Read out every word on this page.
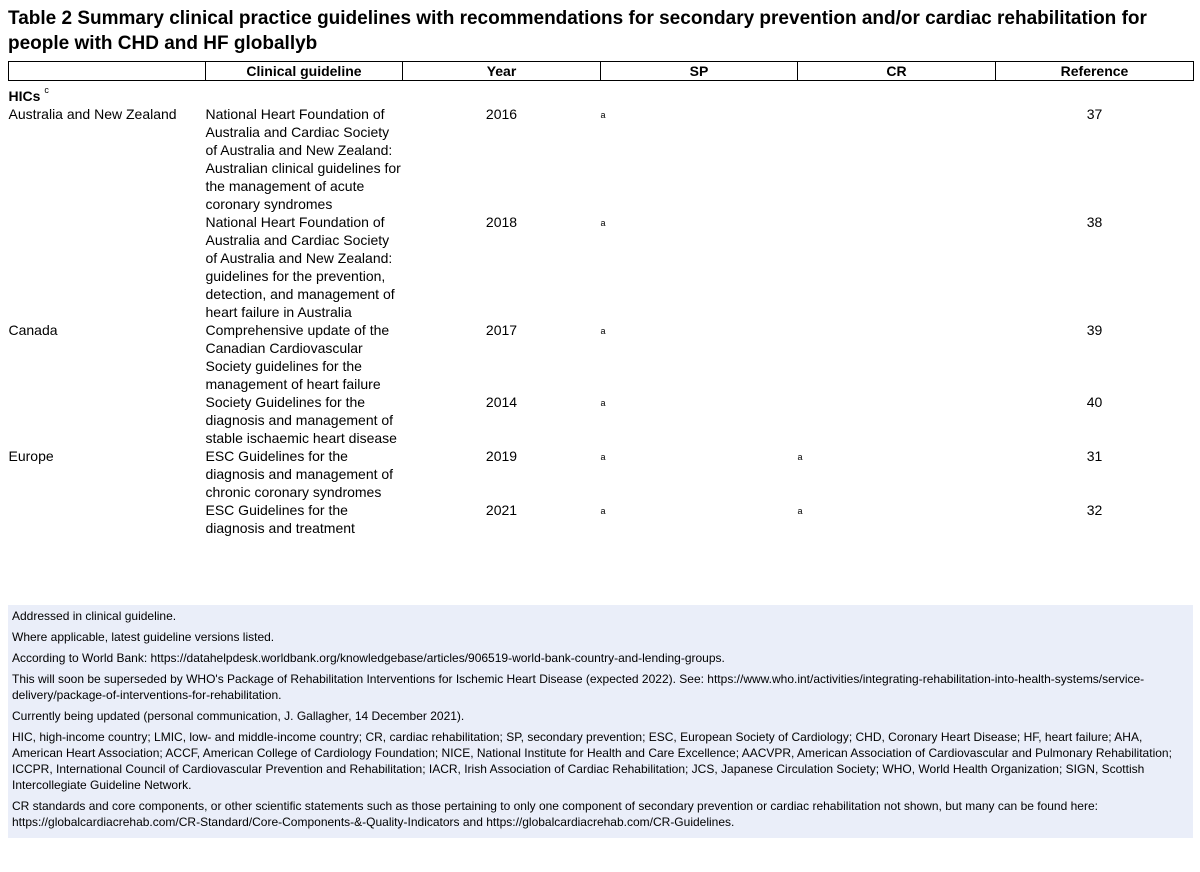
Table 2 Summary clinical practice guidelines with recommendations for secondary prevention and/or cardiac rehabilitation for people with CHD and HF globallyb
	Clinical guideline	Year	SP	CR	Reference
HICs $^c$
Australia and New Zealand	National Heart Foundation of Australia and Cardiac Society of Australia and New Zealand: Australian clinical guidelines for the management of acute coronary syndromes	2016	a		37
	National Heart Foundation of Australia and Cardiac Society of Australia and New Zealand: guidelines for the prevention, detection, and management of heart failure in Australia	2018	a		38
Canada	Comprehensive update of the Canadian Cardiovascular Society guidelines for the management of heart failure	2017	a		39
	Society Guidelines for the diagnosis and management of stable ischaemic heart disease	2014	a		40
Europe	ESC Guidelines for the diagnosis and management of chronic coronary syndromes	2019	a	a	31
	ESC Guidelines for the diagnosis and treatment	2021	a	a	32

Addressed in clinical guideline.

Where applicable, latest guideline versions listed.

According to World Bank: https://datahelpdesk.worldbank.org/knowledgebase/articles/906519-world-bank-country-and-lending-groups.

This will soon be superseded by WHO's Package of Rehabilitation Interventions for Ischemic Heart Disease (expected 2022). See: https://www.who.int/activities/integrating-rehabilitation-into-health-systems/service-delivery/package-of-interventions-for-rehabilitation.

Currently being updated (personal communication, J. Gallagher, 14 December 2021).

HIC, high-income country; LMIC, low- and middle-income country; CR, cardiac rehabilitation; SP, secondary prevention; ESC, European Society of Cardiology; CHD, Coronary Heart Disease; HF, heart failure; AHA, American Heart Association; ACCF, American College of Cardiology Foundation; NICE, National Institute for Health and Care Excellence; AACVPR, American Association of Cardiovascular and Pulmonary Rehabilitation; ICCPR, International Council of Cardiovascular Prevention and Rehabilitation; IACR, Irish Association of Cardiac Rehabilitation; JCS, Japanese Circulation Society; WHO, World Health Organization; SIGN, Scottish Intercollegiate Guideline Network.

CR standards and core components, or other scientific statements such as those pertaining to only one component of secondary prevention or cardiac rehabilitation not shown, but many can be found here: https://globalcardiacrehab.com/CR-Standard/Core-Components-&-Quality-Indicators and https://globalcardiacrehab.com/CR-Guidelines.
